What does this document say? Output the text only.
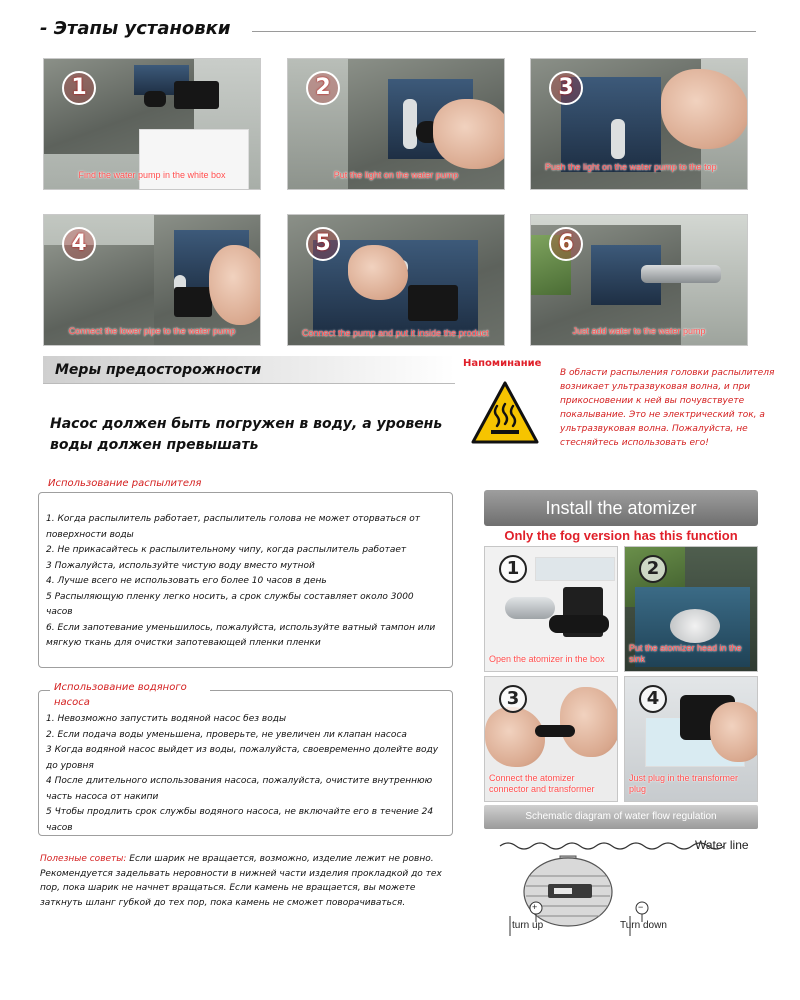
- Этапы установки
1
Find the water pump in the white box
2
Put the light on the water pump
3
Push the light on the water pump to the top
4
Connect the lower pipe to the water pump
5
Connect the pump and put it inside the product
6
Just add water to the water pump
Меры предосторожности
Насос должен быть погружен в воду, а уровень воды должен превышать
Напоминание
В области распыления головки распылителя возникает ультразвуковая волна, и при прикосновении к ней вы почувствуете покалывание. Это не электрический ток, а ультразвуковая волна. Пожалуйста, не стесняйтесь использовать его!
Использование распылителя
1. Когда распылитель работает, распылитель голова не может оторваться от поверхности воды
2. Не прикасайтесь к распылительному чипу, когда распылитель работает
3 Пожалуйста, используйте чистую воду вместо мутной
4. Лучше всего не использовать его более 10 часов в день
5 Распыляющую пленку легко носить, а срок службы составляет около 3000 часов
6. Если запотевание уменьшилось, пожалуйста, используйте ватный тампон или мягкую ткань для очистки запотевающей пленки пленки
Использование водяного насоса
1. Невозможно запустить водяной насос без воды
2. Если подача воды уменьшена, проверьте, не увеличен ли клапан насоса
3 Когда водяной насос выйдет из воды, пожалуйста, своевременно долейте воду до уровня
4 После длительного использования насоса, пожалуйста, очистите внутреннюю часть насоса от накипи
5 Чтобы продлить срок службы водяного насоса, не включайте его в течение 24 часов
Полезные советы: Если шарик не вращается, возможно, изделие лежит не ровно. Рекомендуется задельвать неровности в нижней части изделия прокладкой до тех пор, пока шарик не начнет вращаться. Если камень не вращается, вы можете заткнуть шланг губкой до тех пор, пока камень не сможет поворачиваться.
Install the atomizer
Only the fog version has this function
1
Open the atomizer in the box
2
Put the atomizer head in the sink
3
Connect the atomizer connector and transformer
4
Just plug in the transformer plug
Schematic diagram of water flow regulation
Water line
+	−
turn up	Turn down
